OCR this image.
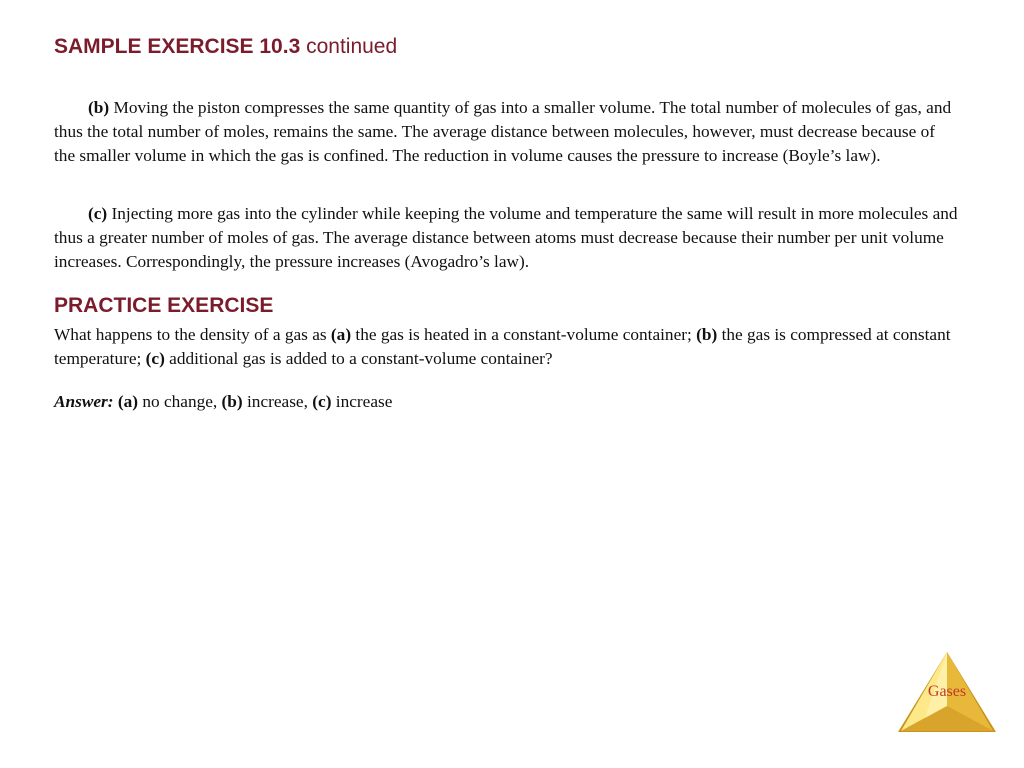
SAMPLE EXERCISE 10.3 continued

(b) Moving the piston compresses the same quantity of gas into a smaller volume. The total number of molecules of gas, and thus the total number of moles, remains the same. The average distance between molecules, however, must decrease because of the smaller volume in which the gas is confined. The reduction in volume causes the pressure to increase (Boyle’s law).

(c) Injecting more gas into the cylinder while keeping the volume and temperature the same will result in more molecules and thus a greater number of moles of gas. The average distance between atoms must decrease because their number per unit volume increases. Correspondingly, the pressure increases (Avogadro’s law).

PRACTICE EXERCISE

What happens to the density of a gas as (a) the gas is heated in a constant-volume container; (b) the gas is compressed at constant temperature; (c) additional gas is added to a constant-volume container?

Answer: (a) no change, (b) increase, (c) increase

Gases
